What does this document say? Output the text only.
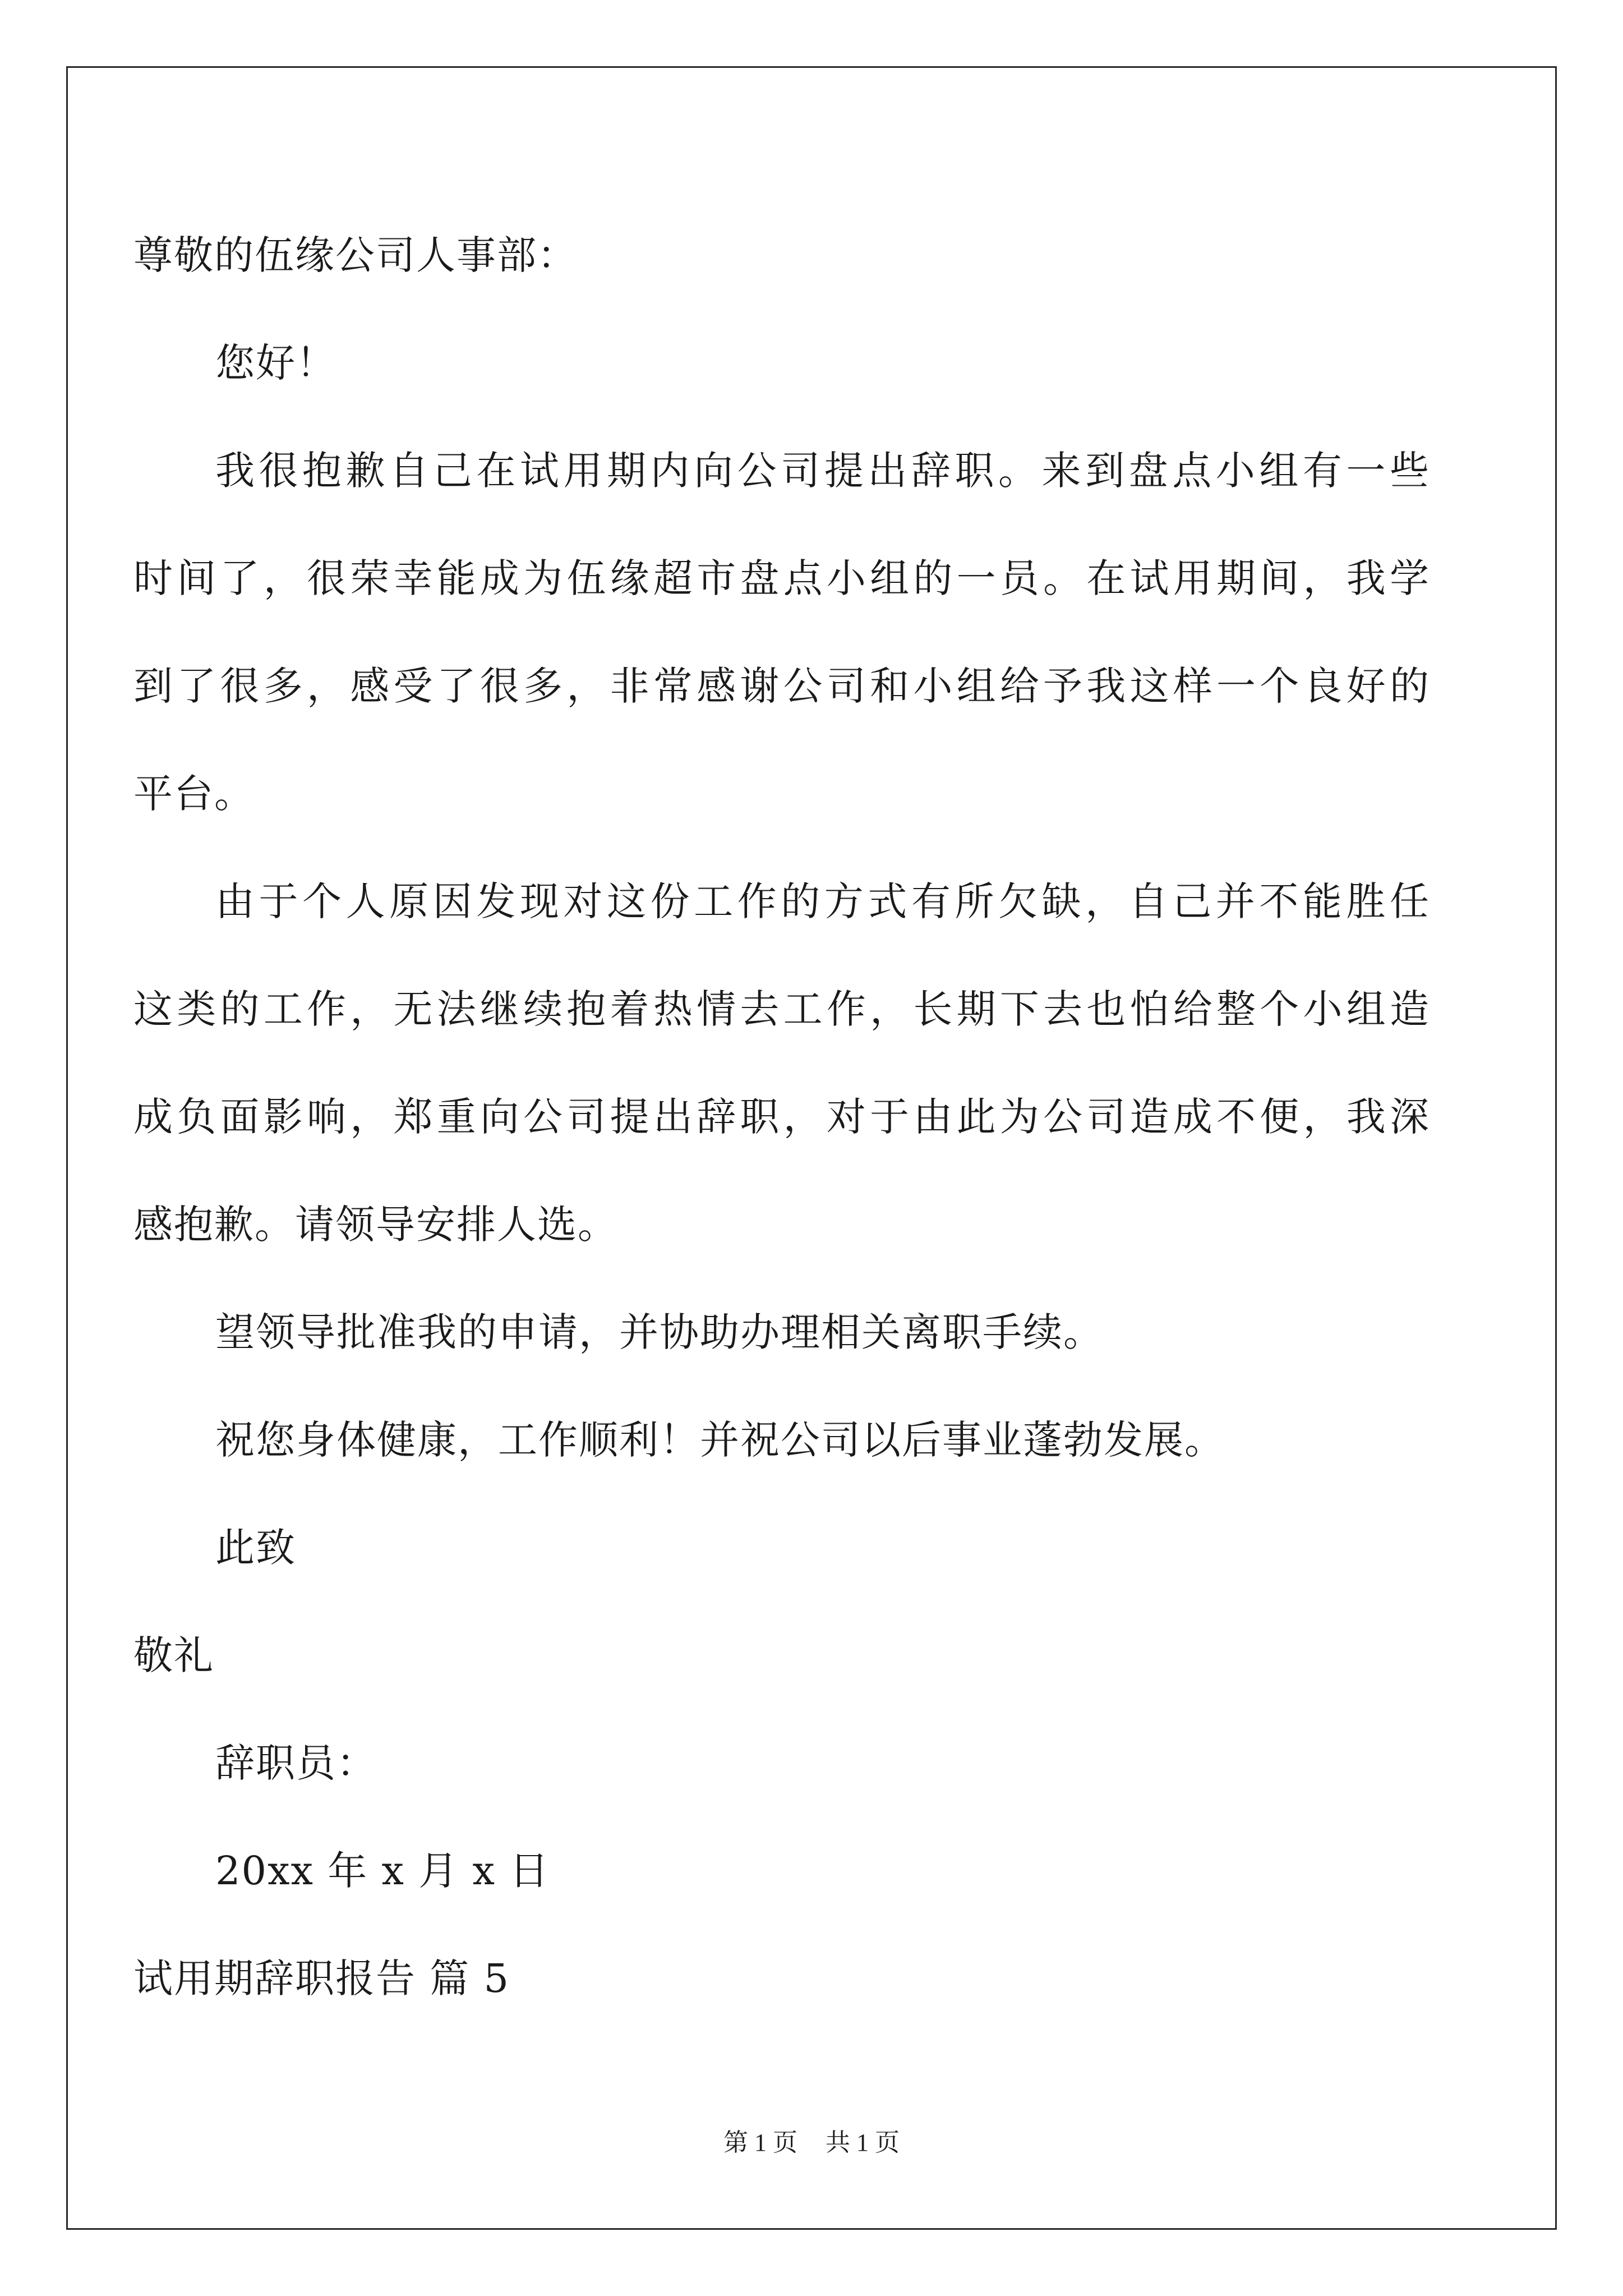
尊敬的伍缘公司人事部：
您好！
我很抱歉自己在试用期内向公司提出辞职。来到盘点小组有一些
时间了，很荣幸能成为伍缘超市盘点小组的一员。在试用期间，我学
到了很多，感受了很多，非常感谢公司和小组给予我这样一个良好的
平台。
由于个人原因发现对这份工作的方式有所欠缺，自己并不能胜任
这类的工作，无法继续抱着热情去工作，长期下去也怕给整个小组造
成负面影响，郑重向公司提出辞职，对于由此为公司造成不便，我深
感抱歉。请领导安排人选。
望领导批准我的申请，并协助办理相关离职手续。
祝您身体健康，工作顺利！并祝公司以后事业蓬勃发展。
此致
敬礼
辞职员：
20xx 年 x 月 x 日
试用期辞职报告 篇 5
第 1 页 共 1 页
